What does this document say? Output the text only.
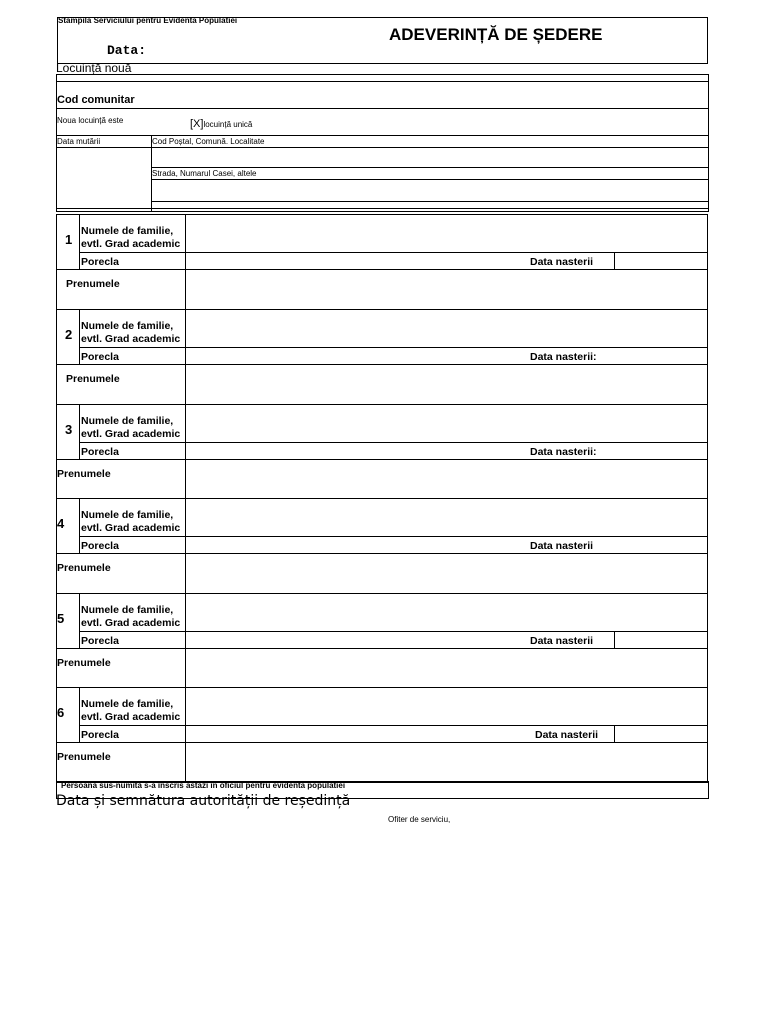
Stampila Serviciului pentru Evidenta Populatiei
Data:
ADEVERINȚĂ DE ȘEDERE
Locuință nouă
Cod comunitar
Noua locuință este	[X]locuință unică
Data mutării	Cod Poștal, Comună. Localitate
Strada, Numarul Casei, altele
1
Numele de familie,
evtl. Grad academic
Porecla	Data nasterii
Prenumele
2
Numele de familie,
evtl. Grad academic
Porecla	Data nasterii:
Prenumele
3
Numele de familie,
evtl. Grad academic
Porecla	Data nasterii:
Prenumele
4
Numele de familie,
evtl. Grad academic
Porecla	Data nasterii
Prenumele
5
Numele de familie,
evtl. Grad academic
Porecla	Data nasterii
Prenumele
6
Numele de familie,
evtl. Grad academic
Porecla	Data nasterii
Prenumele
Persoana sus-numită s-a înscris astăzi în oficiul pentru evidenta populatiei
Data și semnătura autorității de reședință
Ofiter de serviciu,
